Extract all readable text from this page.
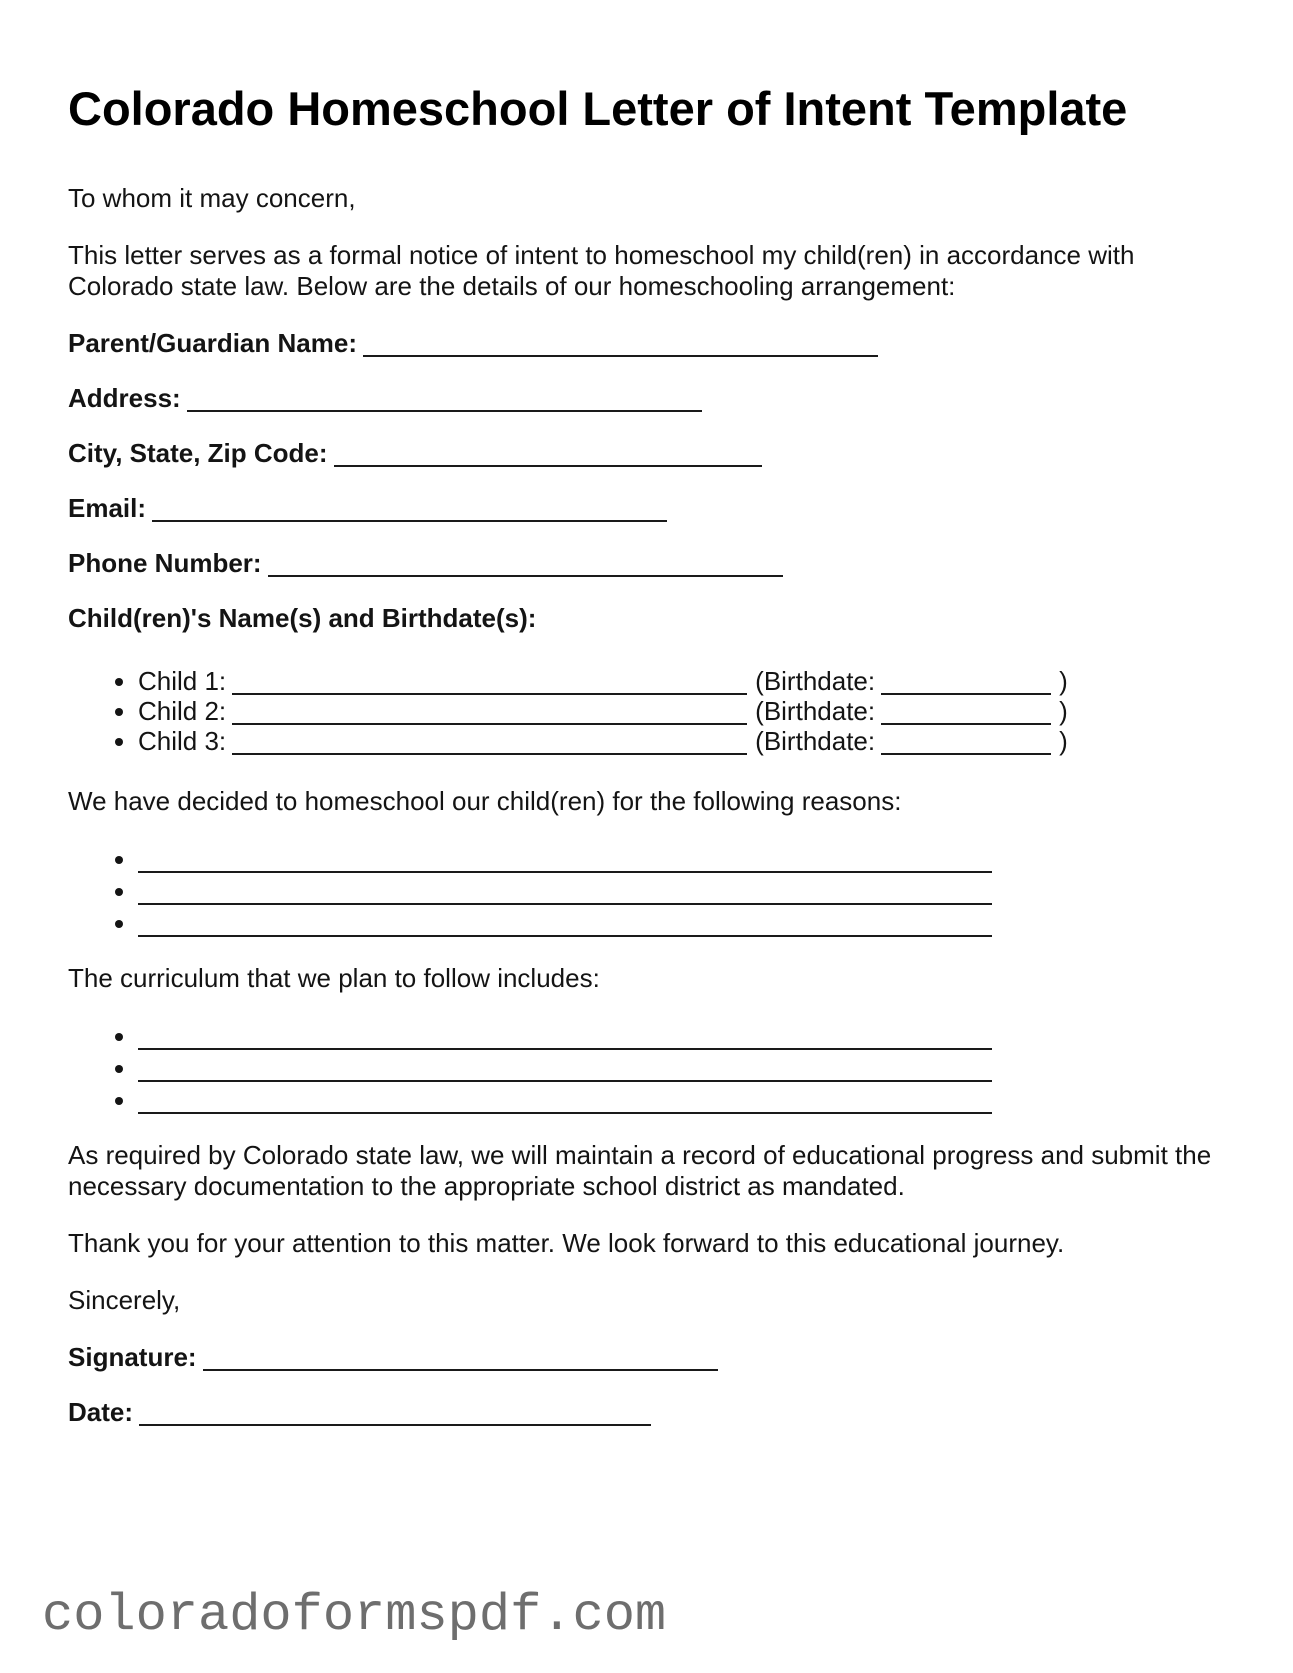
Colorado Homeschool Letter of Intent Template

To whom it may concern,

This letter serves as a formal notice of intent to homeschool my child(ren) in accordance with Colorado state law. Below are the details of our homeschooling arrangement:

Parent/Guardian Name:
Address:
City, State, Zip Code:
Email:
Phone Number:

Child(ren)'s Name(s) and Birthdate(s):

• Child 1:	(Birthdate:	)
• Child 2:	(Birthdate:	)
• Child 3:	(Birthdate:	)

We have decided to homeschool our child(ren) for the following reasons:

•
•
•

The curriculum that we plan to follow includes:

•
•
•

As required by Colorado state law, we will maintain a record of educational progress and submit the necessary documentation to the appropriate school district as mandated.

Thank you for your attention to this matter. We look forward to this educational journey.

Sincerely,

Signature:
Date:
coloradoformspdf.com
